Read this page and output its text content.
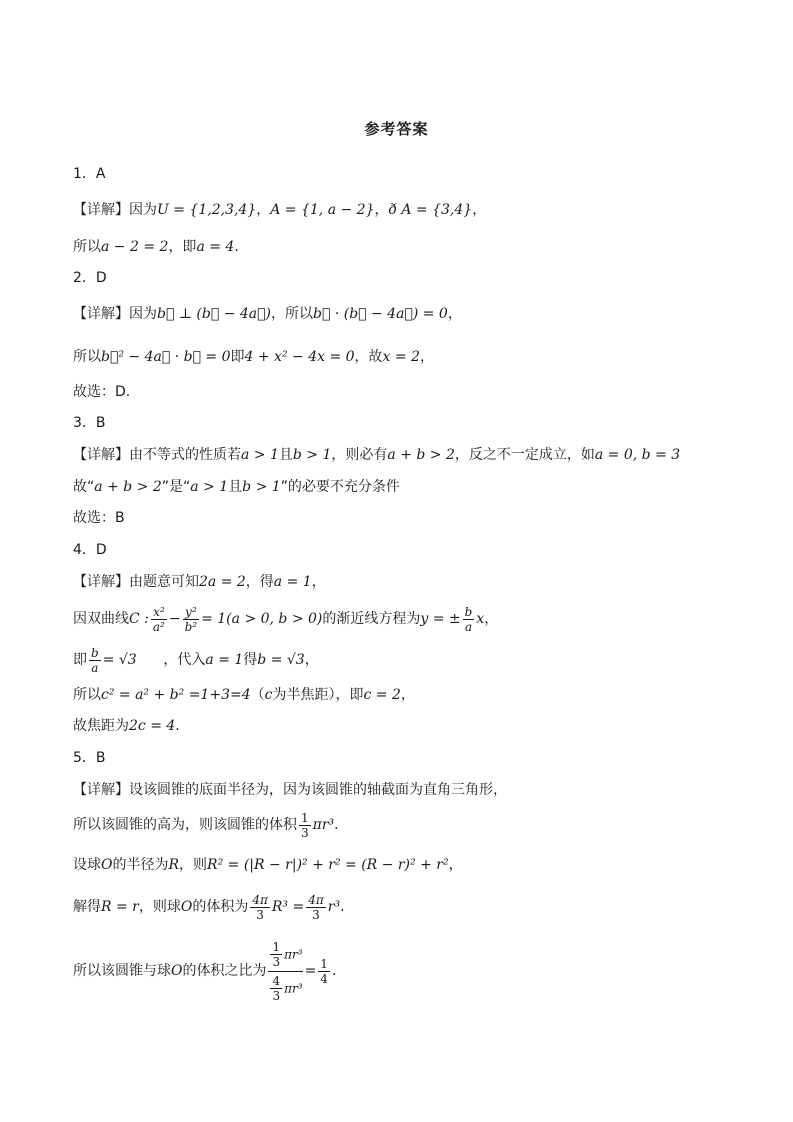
参考答案
1．A
【详解】因为U = {1,2,3,4}，A = {1, a − 2}，ð A = {3,4}，
所以a − 2 = 2，即a = 4.
2．D
【详解】因为b⃗ ⊥ (b⃗ − 4a⃗)，所以b⃗ · (b⃗ − 4a⃗) = 0，
所以b⃗² − 4a⃗ · b⃗ = 0即4 + x² − 4x = 0，故x = 2，
故选：D.
3．B
【详解】由不等式的性质若a > 1且b > 1，则必有a + b > 2，反之不一定成立，如a = 0, b = 3
故“a + b > 2”是“a > 1且b > 1”的必要不充分条件
故选：B
4．D
【详解】由题意可知2a = 2，得a = 1，
因双曲线C : $\frac{\text{x²}}{\text{a²}} - \frac{\text{y²}}{\text{b²}} = 1(a > 0$, b > 0)的渐近线方程为y = ± $\frac{b}{a}$ x，
即 $\frac{b}{a} = √3$ ，代入a = 1得b = √3，
所以c² = a² + b² =1+3=4（c为半焦距），即c = 2，
故焦距为2c = 4.
5．B
【详解】设该圆锥的底面半径为，因为该圆锥的轴截面为直角三角形，
所以该圆锥的高为，则该圆锥的体积 $\frac{1}{3} \pi r^3$.
设球O的半径为R，则R² = (|R − r|)² + r² = (R − r)² + r²，
解得R = r，则球O的体积为 $\frac{4\pi}{3} R^3 = \frac{4\pi}{3} r^3$.
所以该圆锥与球O的体积之比为 $\frac{\frac{1}{3} \pi r^3}{\frac{4}{3} \pi r^3} = \frac{1}{4}$ .
